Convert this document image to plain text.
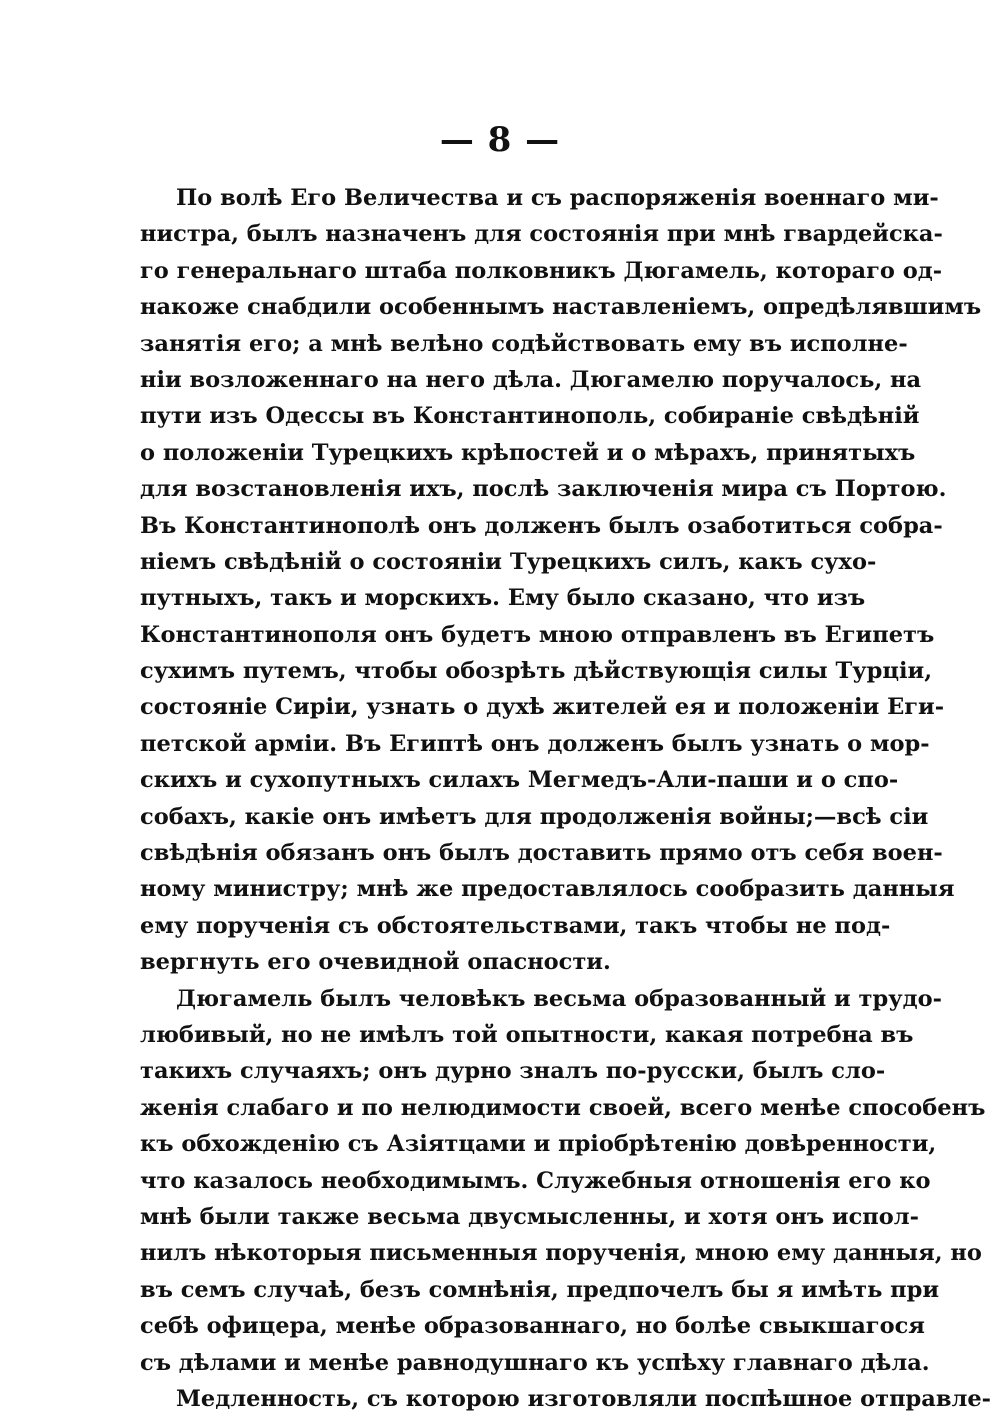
— 8 —
По волѣ Его Величества и съ распоряженія военнаго ми-
нистра, былъ назначенъ для состоянія при мнѣ гвардейска-
го генеральнаго штаба полковникъ Дюгамель, котораго од-
накоже снабдили особеннымъ наставленіемъ, опредѣлявшимъ
занятія его; а мнѣ велѣно содѣйствовать ему въ исполне-
ніи возложеннаго на него дѣла. Дюгамелю поручалось, на
пути изъ Одессы въ Константинополь, собираніе свѣдѣній
о положеніи Турецкихъ крѣпостей и о мѣрахъ, принятыхъ
для возстановленія ихъ, послѣ заключенія мира съ Портою.
Въ Константинополѣ онъ долженъ былъ озаботиться собра-
ніемъ свѣдѣній о состояніи Турецкихъ силъ, какъ сухо-
путныхъ, такъ и морскихъ. Ему было сказано, что изъ
Константинополя онъ будетъ мною отправленъ въ Египетъ
сухимъ путемъ, чтобы обозрѣть дѣйствующія силы Турціи,
состояніе Сиріи, узнать о духѣ жителей ея и положеніи Еги-
петской арміи. Въ Египтѣ онъ долженъ былъ узнать о мор-
скихъ и сухопутныхъ силахъ Мегмедъ-Али-паши и о спо-
собахъ, какіе онъ имѣетъ для продолженія войны;—всѣ сіи
свѣдѣнія обязанъ онъ былъ доставить прямо отъ себя воен-
ному министру; мнѣ же предоставлялось сообразить данныя
ему порученія съ обстоятельствами, такъ чтобы не под-
вергнуть его очевидной опасности.
Дюгамель былъ человѣкъ весьма образованный и трудо-
любивый, но не имѣлъ той опытности, какая потребна въ
такихъ случаяхъ; онъ дурно зналъ по-русски, былъ сло-
женія слабаго и по нелюдимости своей, всего менѣе способенъ
къ обхожденію съ Азіятцами и пріобрѣтенію довѣренности,
что казалось необходимымъ. Служебныя отношенія его ко
мнѣ были также весьма двусмысленны, и хотя онъ испол-
нилъ нѣкоторыя письменныя порученія, мною ему данныя, но
въ семъ случаѣ, безъ сомнѣнія, предпочелъ бы я имѣть при
себѣ офицера, менѣе образованнаго, но болѣе свыкшагося
съ дѣлами и менѣе равнодушнаго къ успѣху главнаго дѣла.
Медленность, съ которою изготовляли поспѣшное отправле-
